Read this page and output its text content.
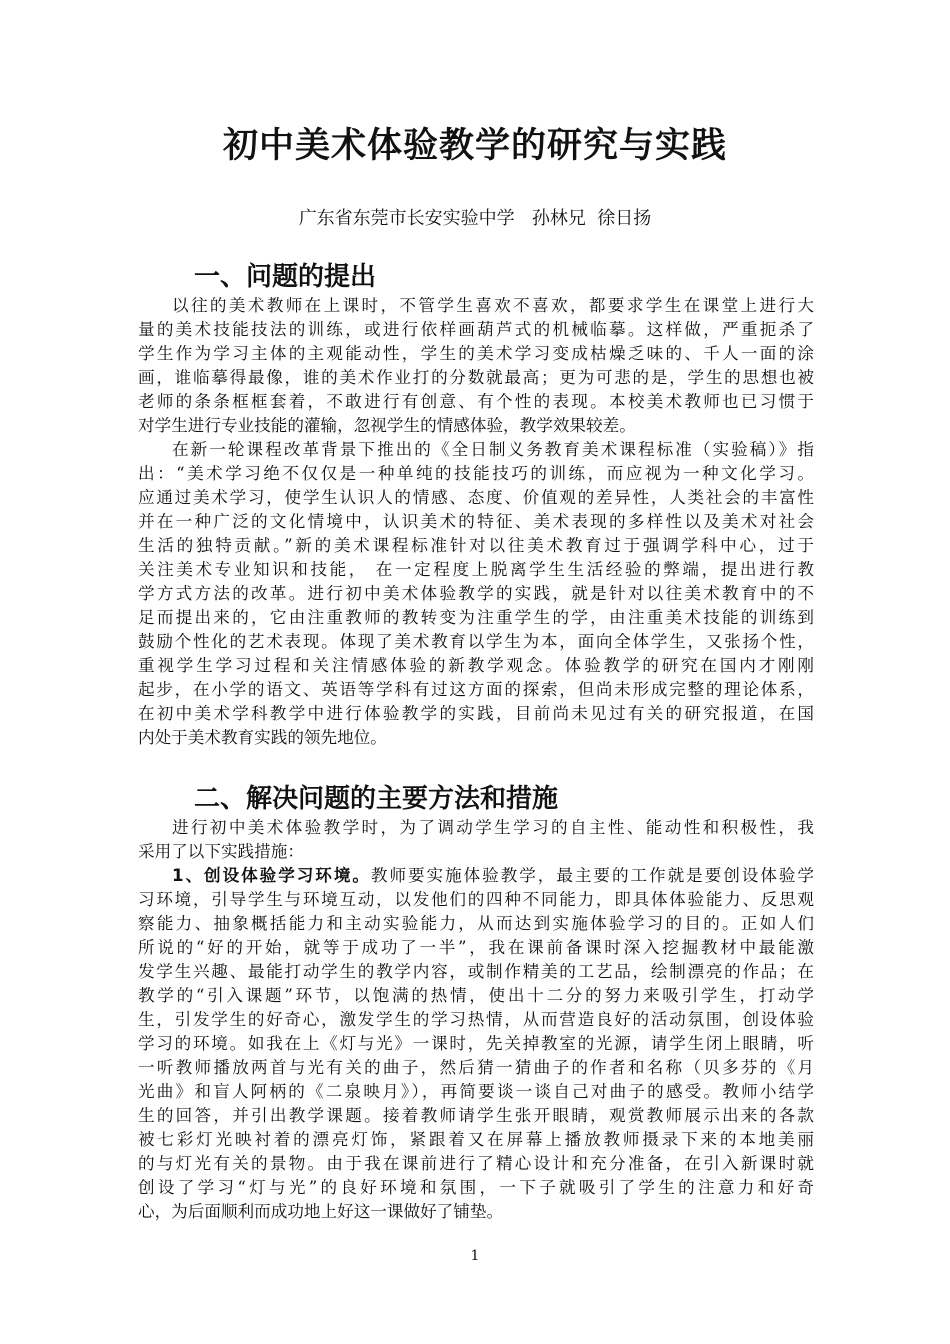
初中美术体验教学的研究与实践
广东省东莞市长安实验中学   孙林兄  徐日扬
一、问题的提出
以往的美术教师在上课时，不管学生喜欢不喜欢，都要求学生在课堂上进行大
量的美术技能技法的训练，或进行依样画葫芦式的机械临摹。这样做，严重扼杀了
学生作为学习主体的主观能动性，学生的美术学习变成枯燥乏味的、千人一面的涂
画，谁临摹得最像，谁的美术作业打的分数就最高；更为可悲的是，学生的思想也被
老师的条条框框套着，不敢进行有创意、有个性的表现。本校美术教师也已习惯于
对学生进行专业技能的灌输，忽视学生的情感体验，教学效果较差。
在新一轮课程改革背景下推出的《全日制义务教育美术课程标准（实验稿）》指
出：“美术学习绝不仅仅是一种单纯的技能技巧的训练，而应视为一种文化学习。
应通过美术学习，使学生认识人的情感、态度、价值观的差异性，人类社会的丰富性
并在一种广泛的文化情境中，认识美术的特征、美术表现的多样性以及美术对社会
生活的独特贡献。”新的美术课程标准针对以往美术教育过于强调学科中心，过于
关注美术专业知识和技能， 在一定程度上脱离学生生活经验的弊端，提出进行教
学方式方法的改革。进行初中美术体验教学的实践，就是针对以往美术教育中的不
足而提出来的，它由注重教师的教转变为注重学生的学，由注重美术技能的训练到
鼓励个性化的艺术表现。体现了美术教育以学生为本，面向全体学生，又张扬个性，
重视学生学习过程和关注情感体验的新教学观念。体验教学的研究在国内才刚刚
起步，在小学的语文、英语等学科有过这方面的探索，但尚未形成完整的理论体系，
在初中美术学科教学中进行体验教学的实践，目前尚未见过有关的研究报道，在国
内处于美术教育实践的领先地位。
二、解决问题的主要方法和措施
进行初中美术体验教学时，为了调动学生学习的自主性、能动性和积极性，我
采用了以下实践措施：
1、创设体验学习环境。教师要实施体验教学，最主要的工作就是要创设体验学
习环境，引导学生与环境互动，以发他们的四种不同能力，即具体体验能力、反思观
察能力、抽象概括能力和主动实验能力，从而达到实施体验学习的目的。正如人们
所说的“好的开始，就等于成功了一半”，我在课前备课时深入挖掘教材中最能激
发学生兴趣、最能打动学生的教学内容，或制作精美的工艺品，绘制漂亮的作品；在
教学的“引入课题”环节，以饱满的热情，使出十二分的努力来吸引学生，打动学
生，引发学生的好奇心，激发学生的学习热情，从而营造良好的活动氛围，创设体验
学习的环境。如我在上《灯与光》一课时，先关掉教室的光源，请学生闭上眼睛，听
一听教师播放两首与光有关的曲子，然后猜一猜曲子的作者和名称（贝多芬的《月
光曲》和盲人阿柄的《二泉映月》），再简要谈一谈自己对曲子的感受。教师小结学
生的回答，并引出教学课题。接着教师请学生张开眼睛，观赏教师展示出来的各款
被七彩灯光映衬着的漂亮灯饰，紧跟着又在屏幕上播放教师摄录下来的本地美丽
的与灯光有关的景物。由于我在课前进行了精心设计和充分准备，在引入新课时就
创设了学习“灯与光”的良好环境和氛围，一下子就吸引了学生的注意力和好奇
心，为后面顺利而成功地上好这一课做好了铺垫。
1
